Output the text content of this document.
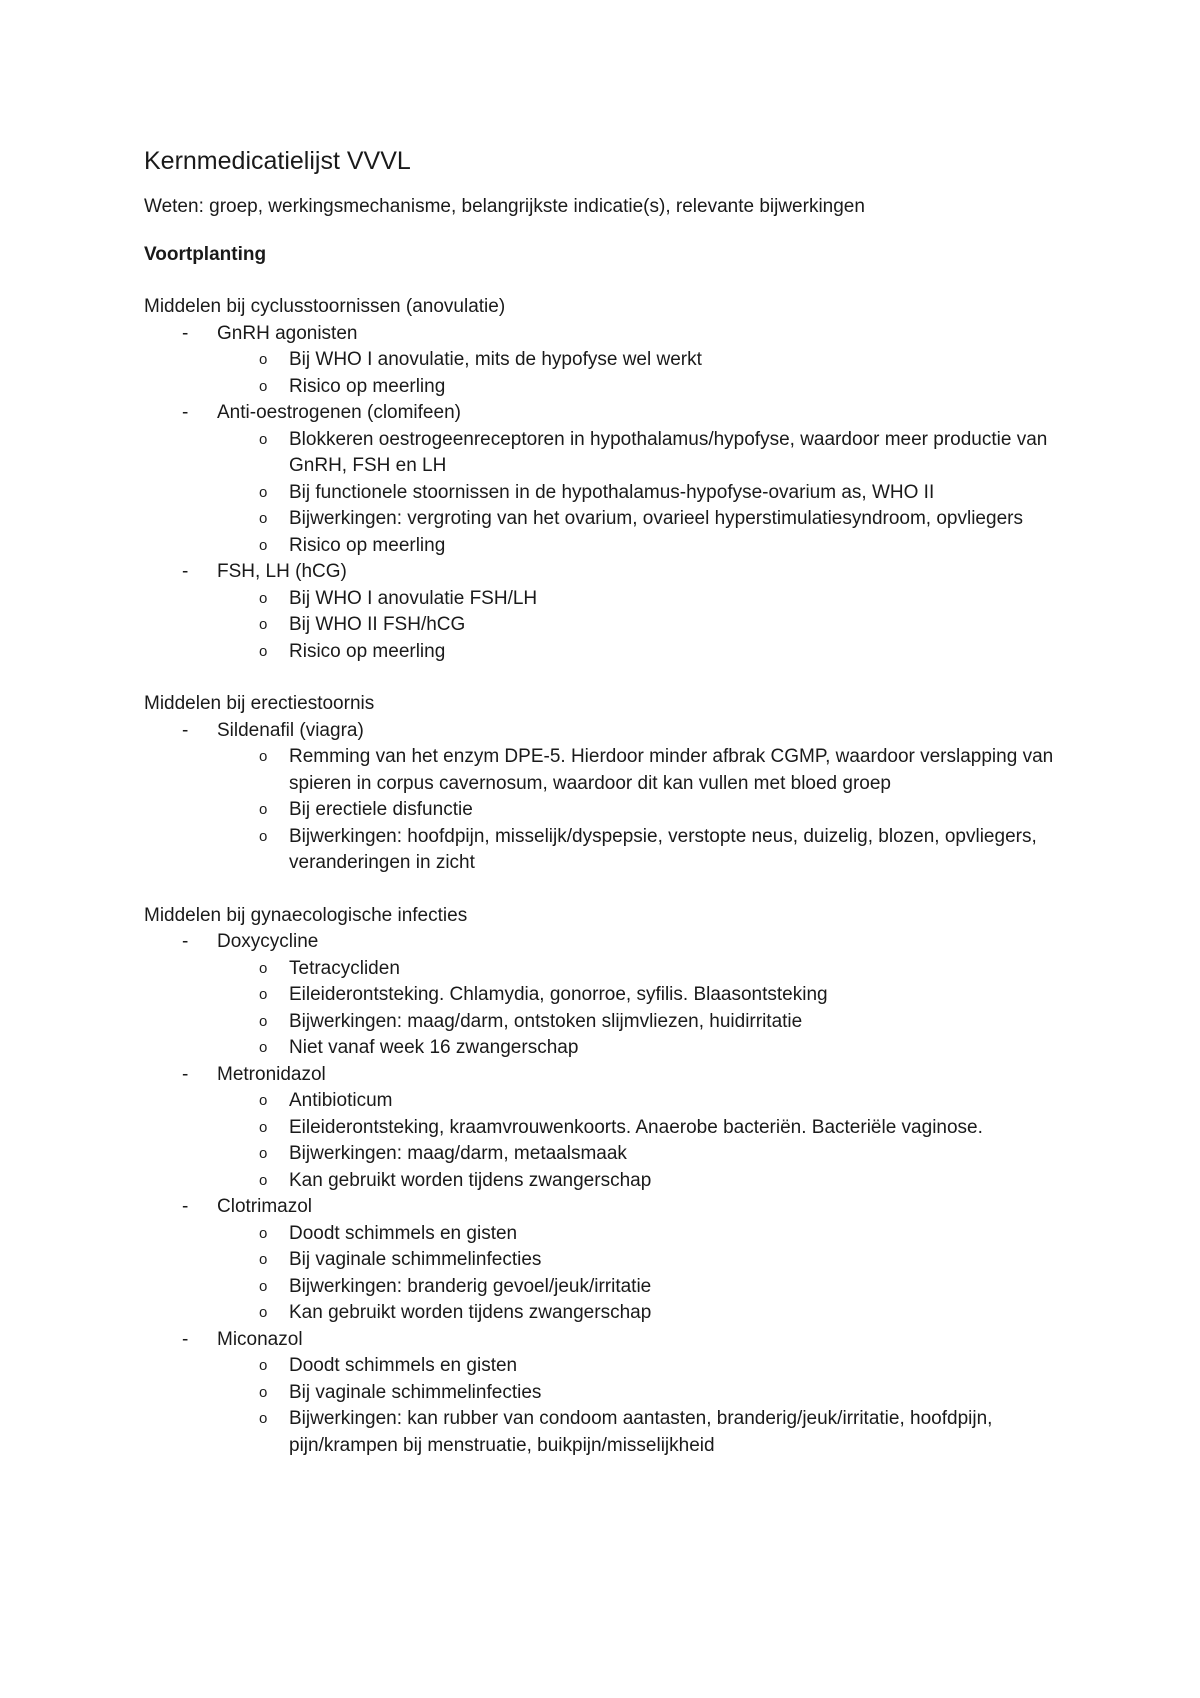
Kernmedicatielijst VVVL

Weten: groep, werkingsmechanisme, belangrijkste indicatie(s), relevante bijwerkingen

Voortplanting

Middelen bij cyclusstoornissen (anovulatie)

-	GnRH agonisten
o	Bij WHO I anovulatie, mits de hypofyse wel werkt
o	Risico op meerling
-	Anti-oestrogenen (clomifeen)
o	Blokkeren oestrogeenreceptoren in hypothalamus/hypofyse, waardoor meer productie van GnRH, FSH en LH
o	Bij functionele stoornissen in de hypothalamus-hypofyse-ovarium as, WHO II
o	Bijwerkingen: vergroting van het ovarium, ovarieel hyperstimulatiesyndroom, opvliegers
o	Risico op meerling
-	FSH, LH (hCG)
o	Bij WHO I anovulatie FSH/LH
o	Bij WHO II FSH/hCG
o	Risico op meerling

Middelen bij erectiestoornis

-	Sildenafil (viagra)
o	Remming van het enzym DPE-5. Hierdoor minder afbrak CGMP, waardoor verslapping van spieren in corpus cavernosum, waardoor dit kan vullen met bloed groep
o	Bij erectiele disfunctie
o	Bijwerkingen: hoofdpijn, misselijk/dyspepsie, verstopte neus, duizelig, blozen, opvliegers, veranderingen in zicht

Middelen bij gynaecologische infecties

-	Doxycycline
o	Tetracycliden
o	Eileiderontsteking. Chlamydia, gonorroe, syfilis. Blaasontsteking
o	Bijwerkingen: maag/darm, ontstoken slijmvliezen, huidirritatie
o	Niet vanaf week 16 zwangerschap
-	Metronidazol
o	Antibioticum
o	Eileiderontsteking, kraamvrouwenkoorts. Anaerobe bacteriën. Bacteriële vaginose.
o	Bijwerkingen: maag/darm, metaalsmaak
o	Kan gebruikt worden tijdens zwangerschap
-	Clotrimazol
o	Doodt schimmels en gisten
o	Bij vaginale schimmelinfecties
o	Bijwerkingen: branderig gevoel/jeuk/irritatie
o	Kan gebruikt worden tijdens zwangerschap
-	Miconazol
o	Doodt schimmels en gisten
o	Bij vaginale schimmelinfecties
o	Bijwerkingen: kan rubber van condoom aantasten, branderig/jeuk/irritatie, hoofdpijn, pijn/krampen bij menstruatie, buikpijn/misselijkheid
